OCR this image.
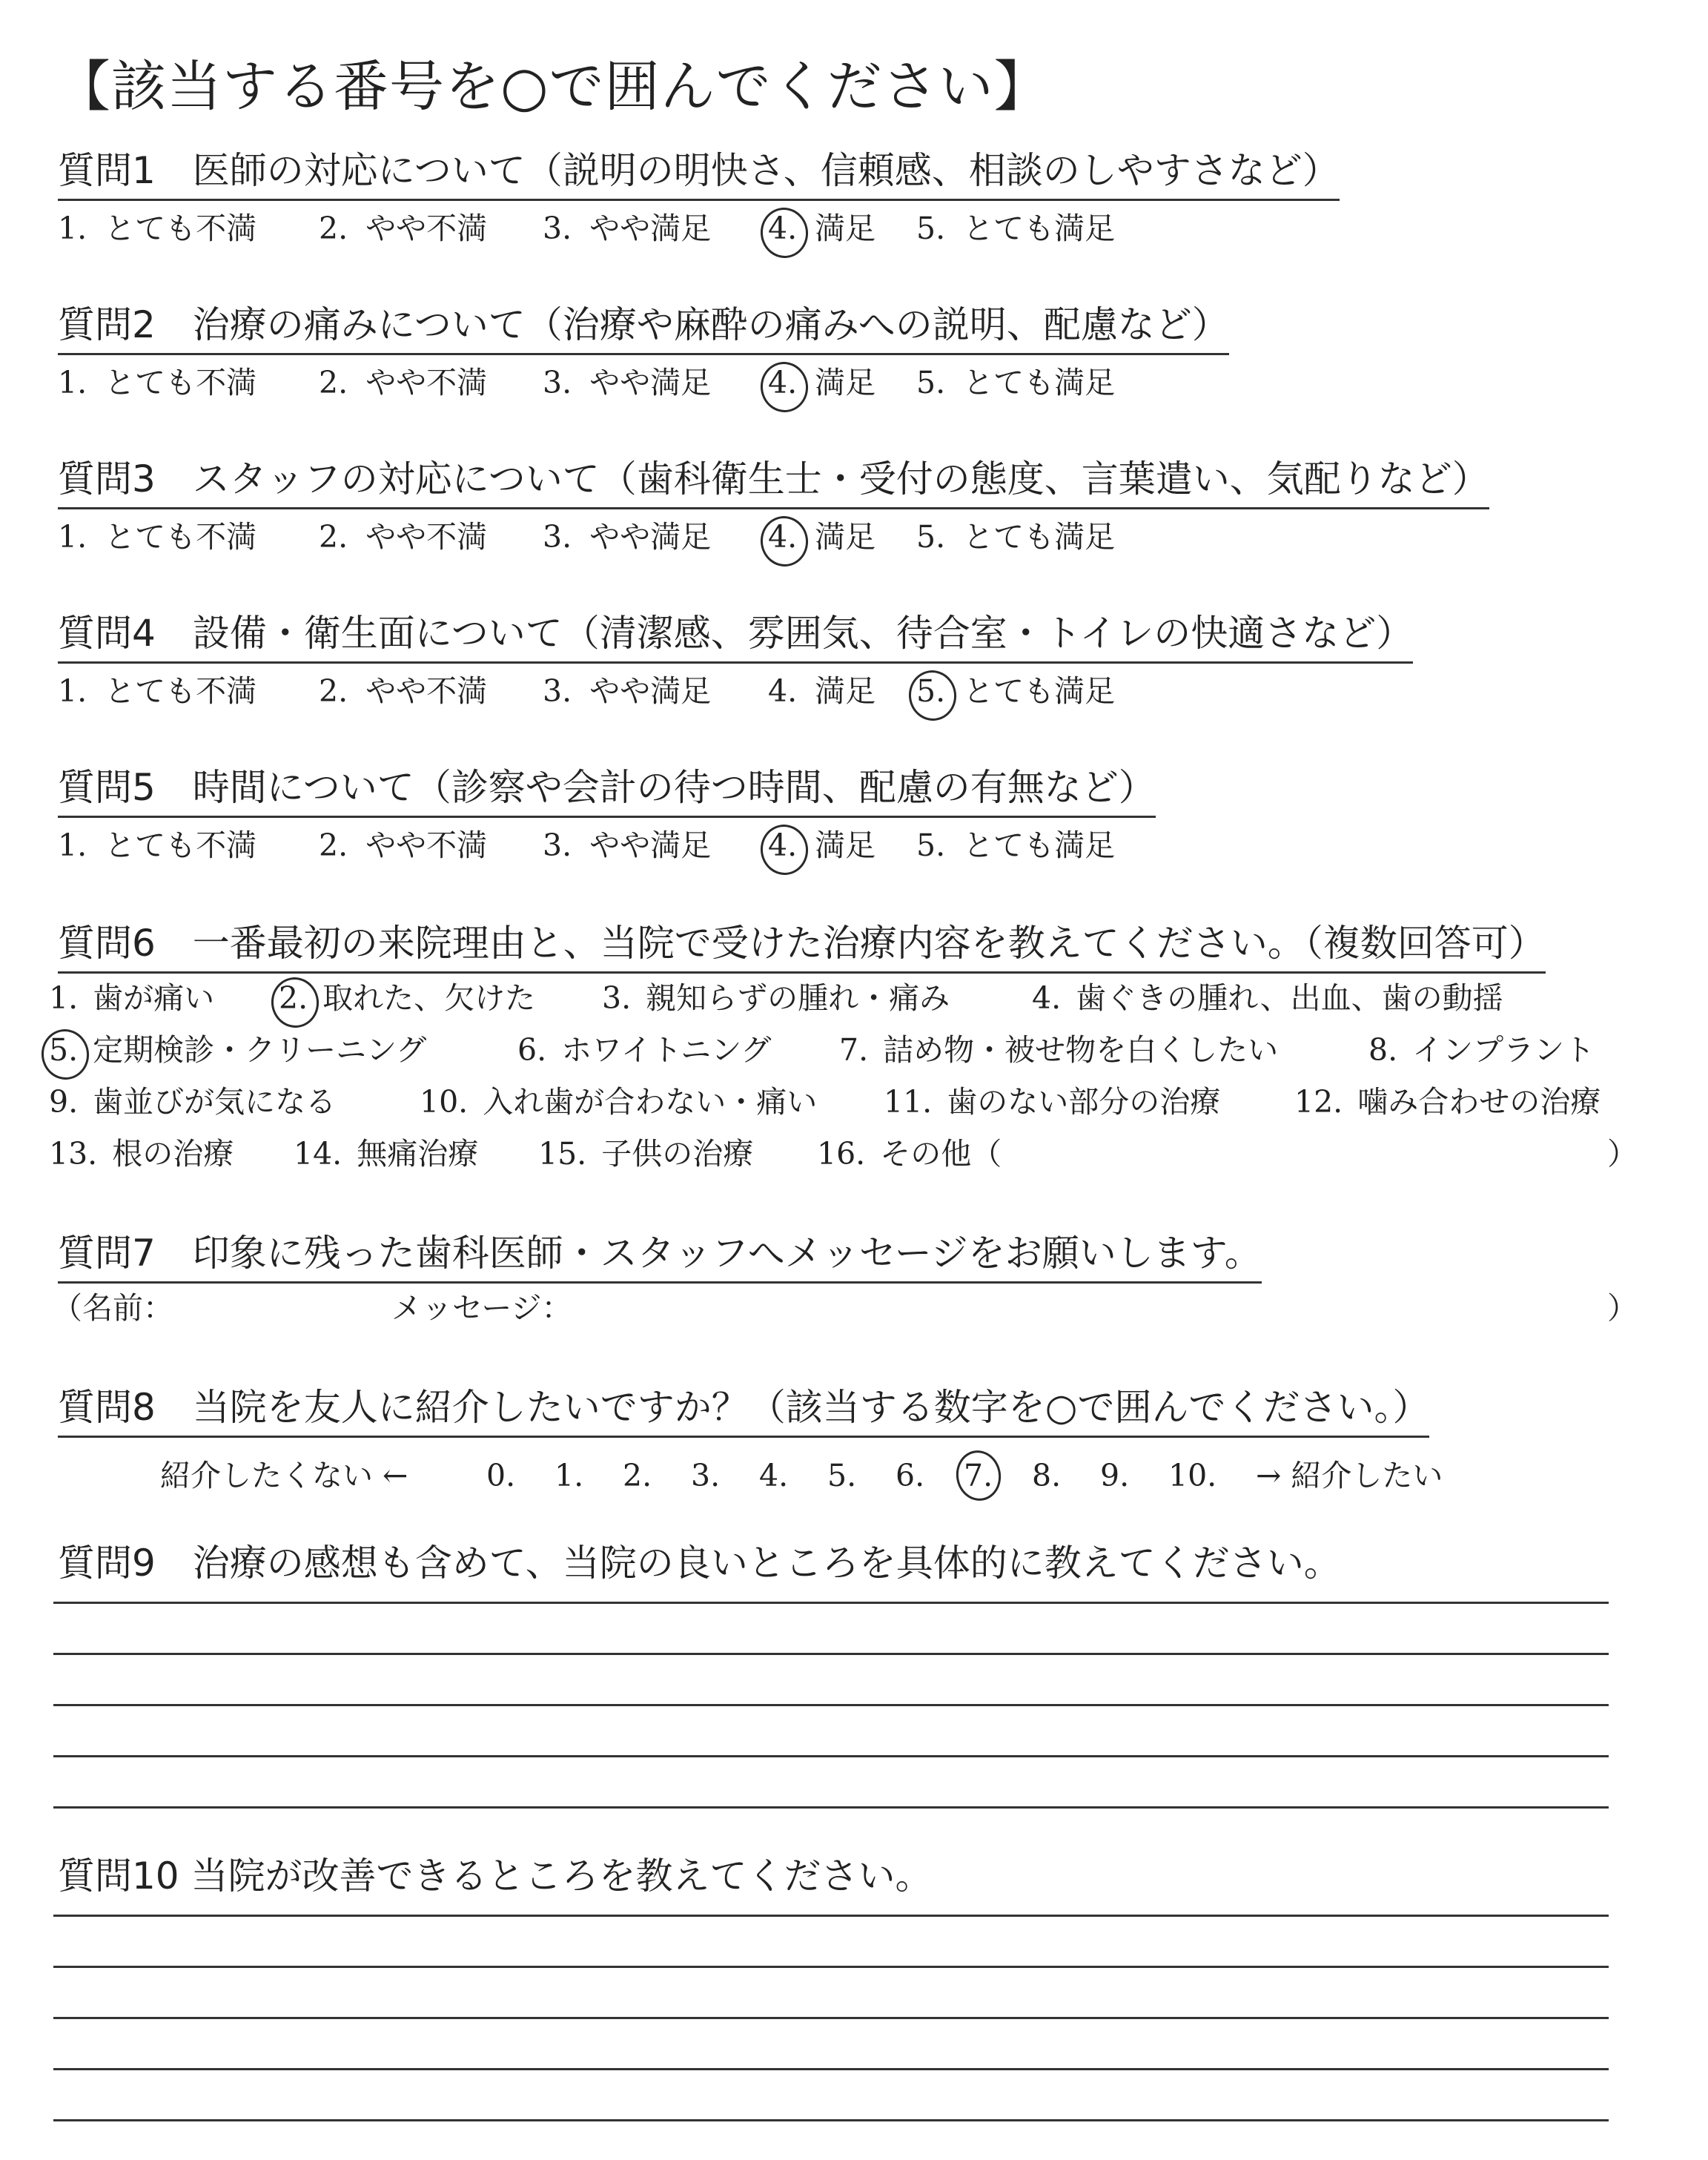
【該当する番号を○で囲んでください】
質問1　医師の対応について（説明の明快さ、信頼感、相談のしやすさなど）
1. とても不満 2. やや不満 3. やや満足 4. 満足 5. とても満足
質問2　治療の痛みについて（治療や麻酔の痛みへの説明、配慮など）
1. とても不満 2. やや不満 3. やや満足 4. 満足 5. とても満足
質問3　スタッフの対応について（歯科衛生士・受付の態度、言葉遣い、気配りなど）
1. とても不満 2. やや不満 3. やや満足 4. 満足 5. とても満足
質問4　設備・衛生面について（清潔感、雰囲気、待合室・トイレの快適さなど）
1. とても不満 2. やや不満 3. やや満足 4. 満足 5. とても満足
質問5　時間について（診察や会計の待つ時間、配慮の有無など）
1. とても不満 2. やや不満 3. やや満足 4. 満足 5. とても満足
質問6　一番最初の来院理由と、当院で受けた治療内容を教えてください。（複数回答可）
1. 歯が痛い 2. 取れた、欠けた 3. 親知らずの腫れ・痛み	4. 歯ぐきの腫れ、出血、歯の動揺
5. 定期検診・クリーニング	6. ホワイトニング 7. 詰め物・被せ物を白くしたい	8. インプラント
9. 歯並びが気になる	10. 入れ歯が合わない・痛い 11. 歯のない部分の治療 12. 噛み合わせの治療
13. 根の治療 14. 無痛治療 15. 子供の治療 16. その他（	）
質問7　印象に残った歯科医師・スタッフへメッセージをお願いします。
（名前：	メッセージ：	）
質問8　当院を友人に紹介したいですか？（該当する数字を○で囲んでください。）
紹介したくない ←	0. 1. 2. 3. 4. 5. 6. 7. 8. 9. 10. → 紹介したい
質問9　治療の感想も含めて、当院の良いところを具体的に教えてください。
質問10 当院が改善できるところを教えてください。
